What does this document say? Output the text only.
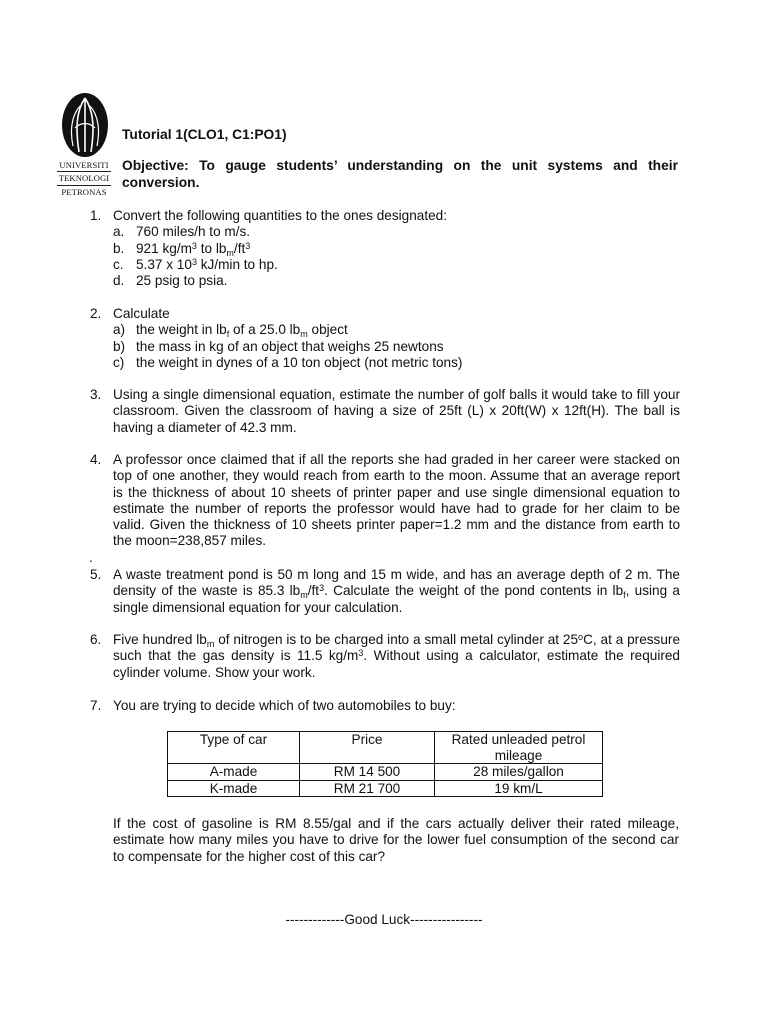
UNIVERSITI
TEKNOLOGI
PETRONAS
Tutorial 1(CLO1, C1:PO1)
Objective: To gauge students’ understanding on the unit systems and their
conversion.
1. Convert the following quantities to the ones designated:
a. 760 miles/h to m/s.
b. 921 $kg/m^3$ to $lb_m/ft^3$
c. 5.37 x $10^3$ kJ/min to hp.
d. 25 psig to psia.
2. Calculate
a) the weight in $lb_f$ of a 25.0 $lb_m$ object
b) the mass in kg of an object that weighs 25 newtons
c) the weight in dynes of a 10 ton object (not metric tons)
3. Using a single dimensional equation, estimate the number of golf balls it would take to fill your
classroom. Given the classroom of having a size of 25ft (L) x 20ft(W) x 12ft(H). The ball is
having a diameter of 42.3 mm.
4. A professor once claimed that if all the reports she had graded in her career were stacked on
top of one another, they would reach from earth to the moon. Assume that an average report
is the thickness of about 10 sheets of printer paper and use single dimensional equation to
estimate the number of reports the professor would have had to grade for her claim to be
valid. Given the thickness of 10 sheets printer paper=1.2 mm and the distance from earth to
the moon=238,857 miles.
.
5. A waste treatment pond is 50 m long and 15 m wide, and has an average depth of 2 m. The
density of the waste is 85.3 $lb_m/ft^3$. Calculate the weight of the pond contents in $lb_f$, using a
single dimensional equation for your calculation.
6. Five hundred $lb_m$ of nitrogen is to be charged into a small metal cylinder at 25$^o$C, at a pressure
such that the gas density is 11.5 $kg/m^3$. Without using a calculator, estimate the required
cylinder volume. Show your work.
7. You are trying to decide which of two automobiles to buy:
Type of car	Price	Rated unleaded petrol mileage
A-made	RM 14 500	28 miles/gallon
K-made	RM 21 700	19 km/L
If the cost of gasoline is RM 8.55/gal and if the cars actually deliver their rated mileage,
estimate how many miles you have to drive for the lower fuel consumption of the second car
to compensate for the higher cost of this car?
-------------Good Luck----------------
